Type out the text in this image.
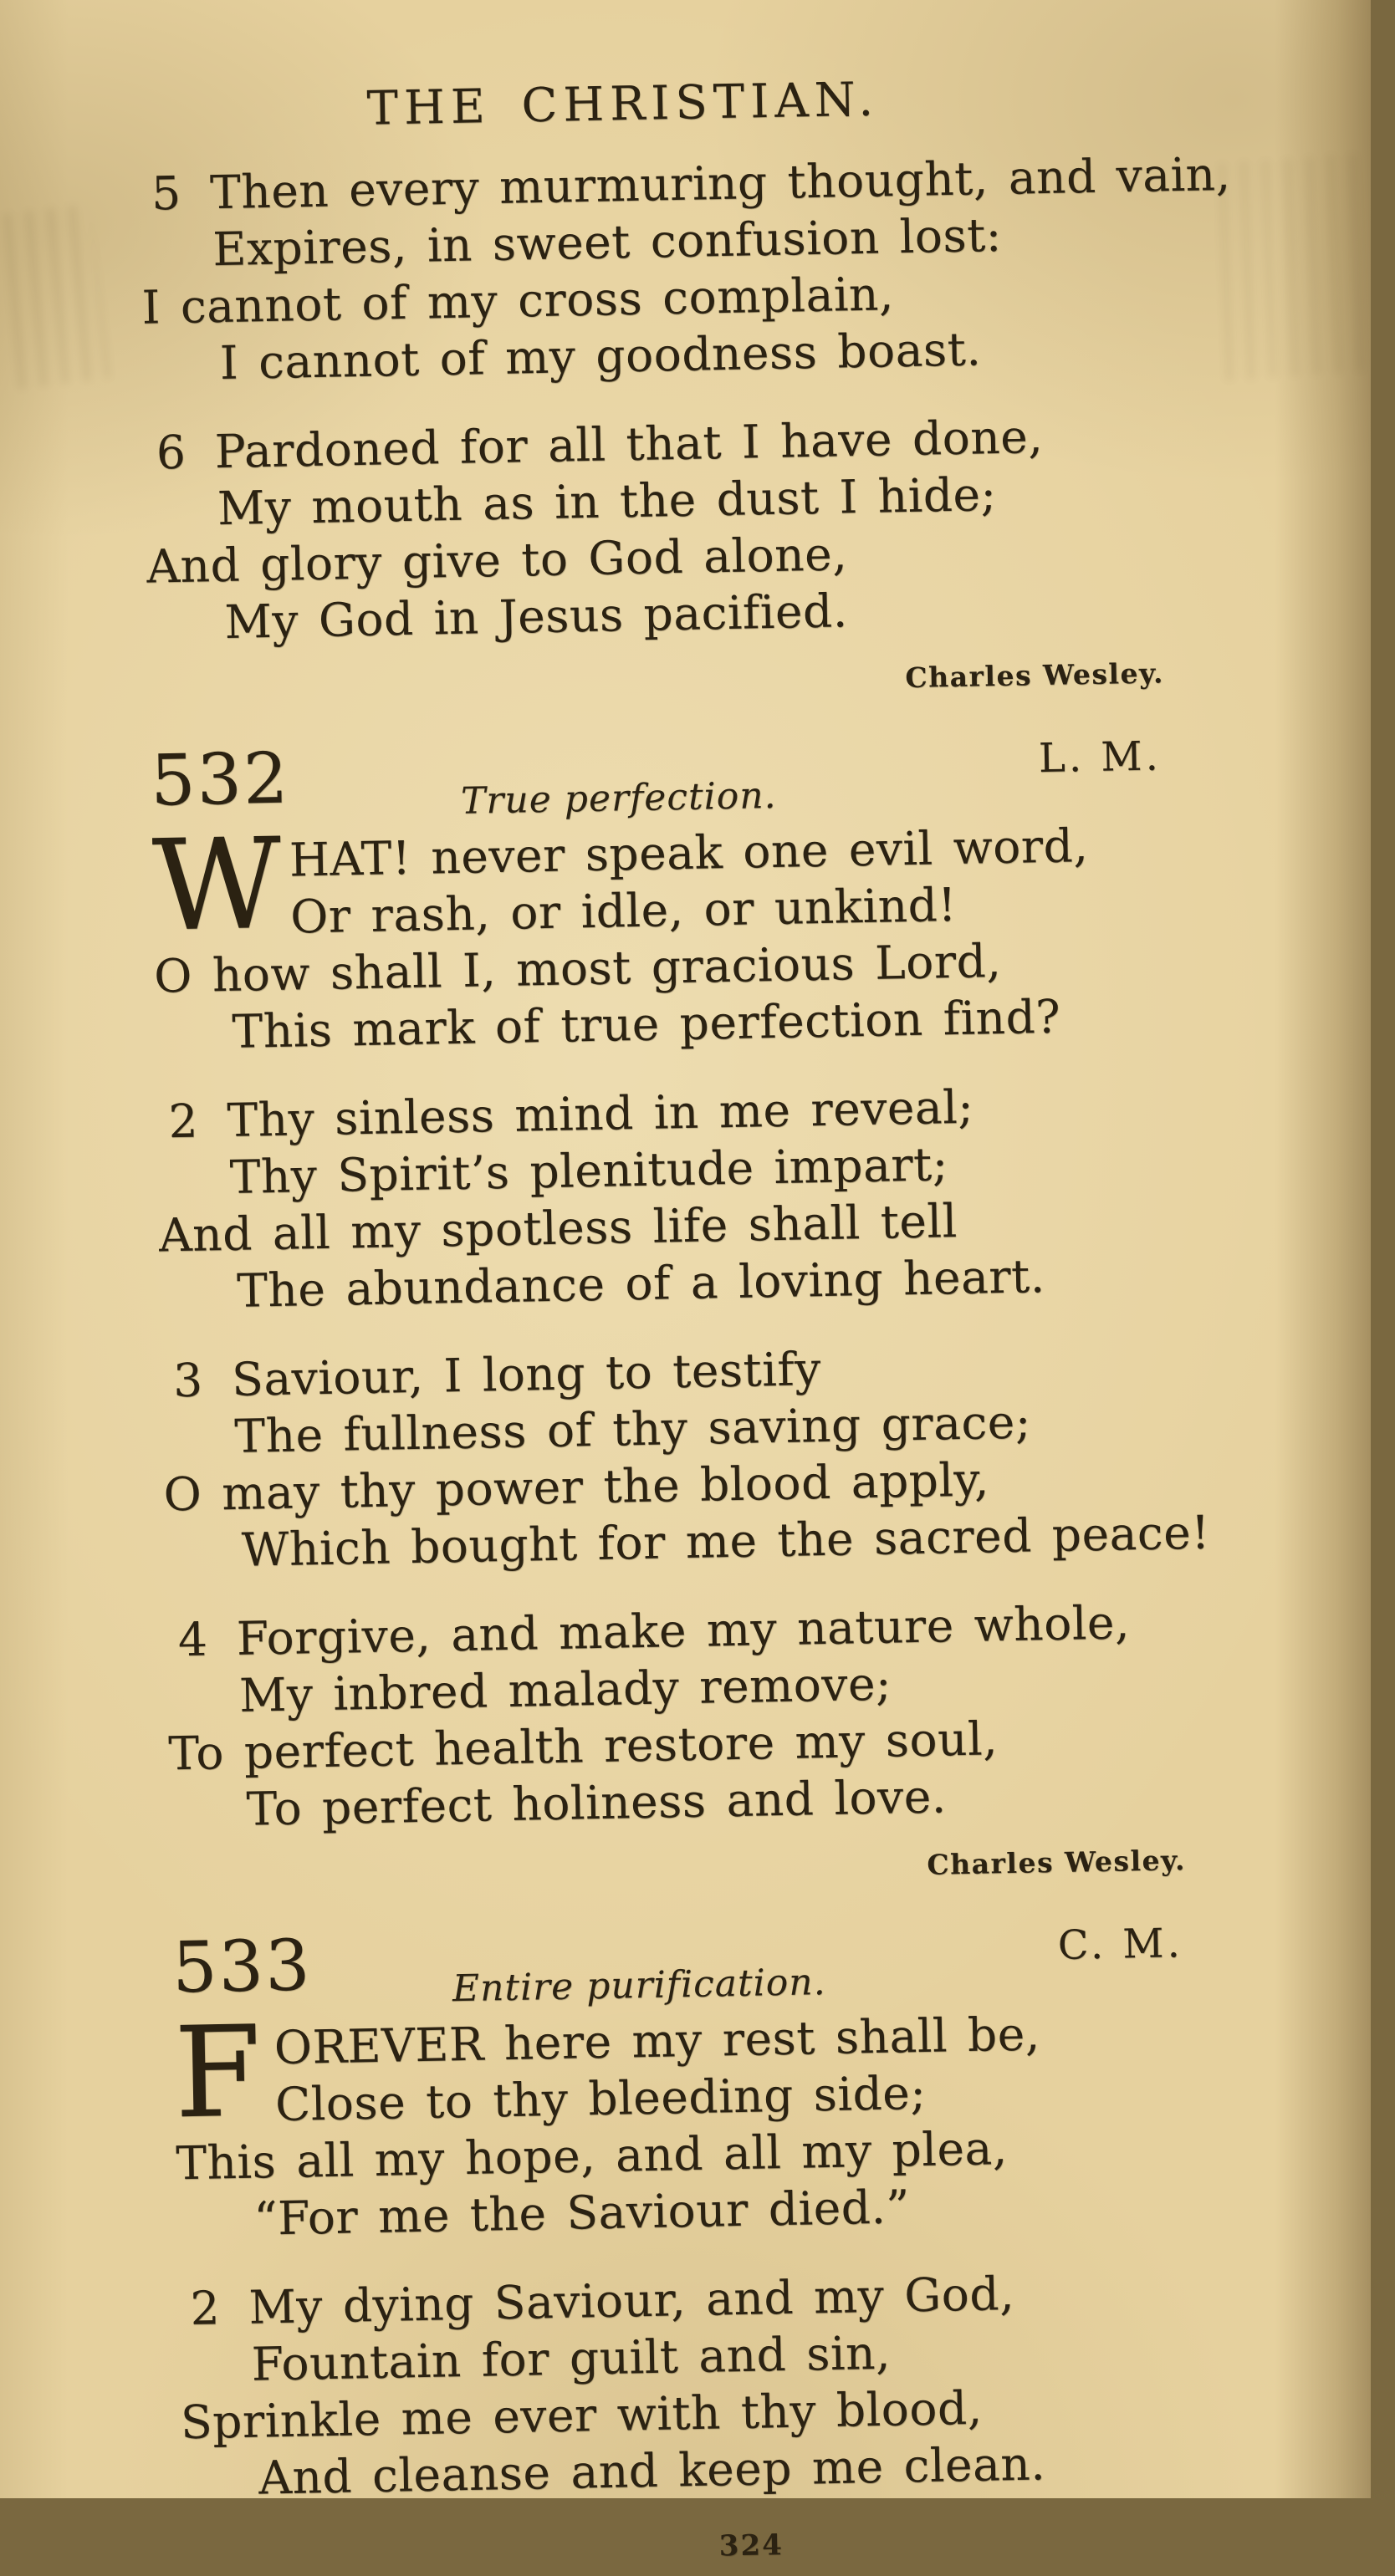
THE CHRISTIAN.
5 Then every murmuring thought, and vain,
Expires, in sweet confusion lost:
I cannot of my cross complain,
I cannot of my goodness boast.
6 Pardoned for all that I have done,
My mouth as in the dust I hide;
And glory give to God alone,
My God in Jesus pacified.
Charles Wesley.
532	True perfection.
L. M.
W HAT! never speak one evil word,
Or rash, or idle, or unkind!
O how shall I, most gracious Lord,
This mark of true perfection find?
2 Thy sinless mind in me reveal;
Thy Spirit’s plenitude impart;
And all my spotless life shall tell
The abundance of a loving heart.
3 Saviour, I long to testify
The fullness of thy saving grace;
O may thy power the blood apply,
Which bought for me the sacred peace!
4 Forgive, and make my nature whole,
My inbred malady remove;
To perfect health restore my soul,
To perfect holiness and love.
Charles Wesley.
533	Entire purification.
C. M.
F OREVER here my rest shall be,
Close to thy bleeding side;
This all my hope, and all my plea,
“For me the Saviour died.”
2 My dying Saviour, and my God,
Fountain for guilt and sin,
Sprinkle me ever with thy blood,
And cleanse and keep me clean.
324
